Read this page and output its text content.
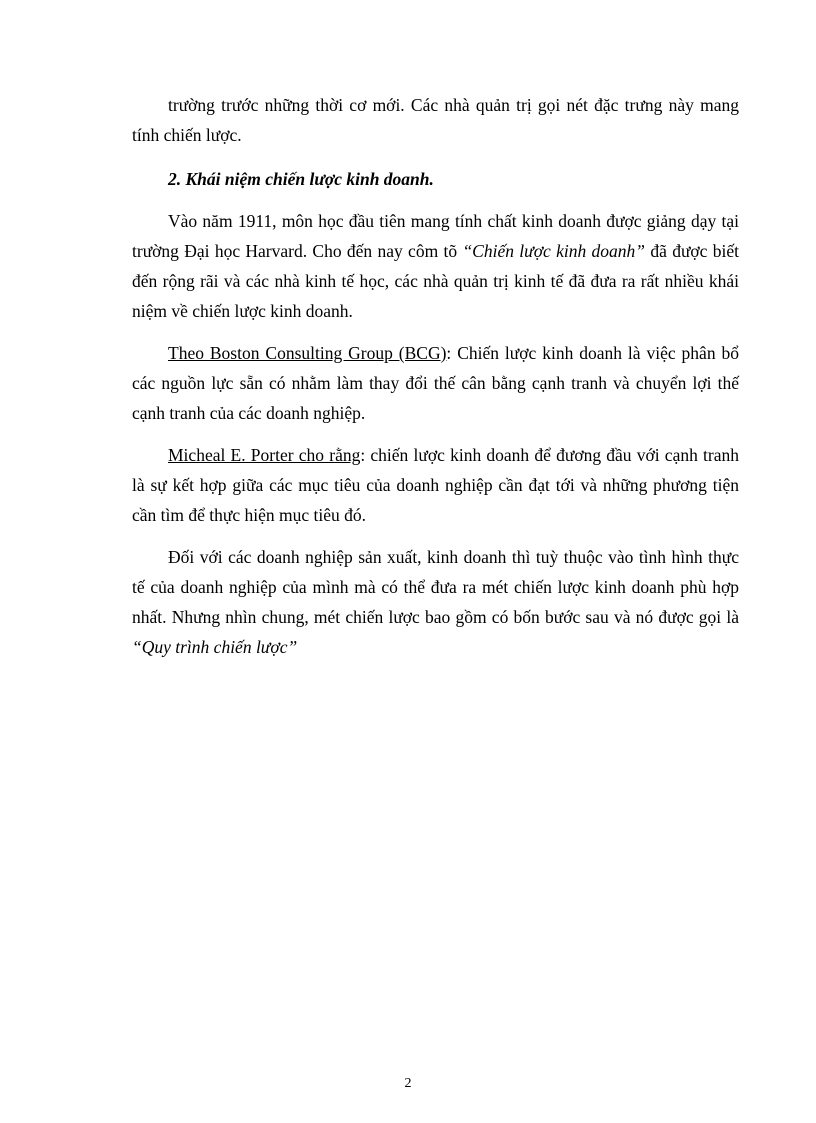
trường trước những thời cơ mới. Các nhà quản trị gọi nét đặc trưng này mang tính chiến lược.

2. Khái niệm chiến lược kinh doanh.

Vào năm 1911, môn học đầu tiên mang tính chất kinh doanh được giảng dạy tại trường Đại học Harvard. Cho đến nay côm tõ “Chiến lược kinh doanh” đã được biết đến rộng rãi và các nhà kinh tế học, các nhà quản trị kinh tế đã đưa ra rất nhiều khái niệm về chiến lược kinh doanh.

Theo Boston Consulting Group (BCG): Chiến lược kinh doanh là việc phân bổ các nguồn lực sẵn có nhằm làm thay đổi thế cân bằng cạnh tranh và chuyển lợi thế cạnh tranh của các doanh nghiệp.

Micheal E. Porter cho rằng: chiến lược kinh doanh để đương đầu với cạnh tranh là sự kết hợp giữa các mục tiêu của doanh nghiệp cần đạt tới và những phương tiện cần tìm để thực hiện mục tiêu đó.

Đối với các doanh nghiệp sản xuất, kinh doanh thì tuỳ thuộc vào tình hình thực tế của doanh nghiệp của mình mà có thể đưa ra mét chiến lược kinh doanh phù hợp nhất. Nhưng nhìn chung, mét chiến lược bao gồm có bốn bước sau và nó được gọi là “Quy trình chiến lược”

2
